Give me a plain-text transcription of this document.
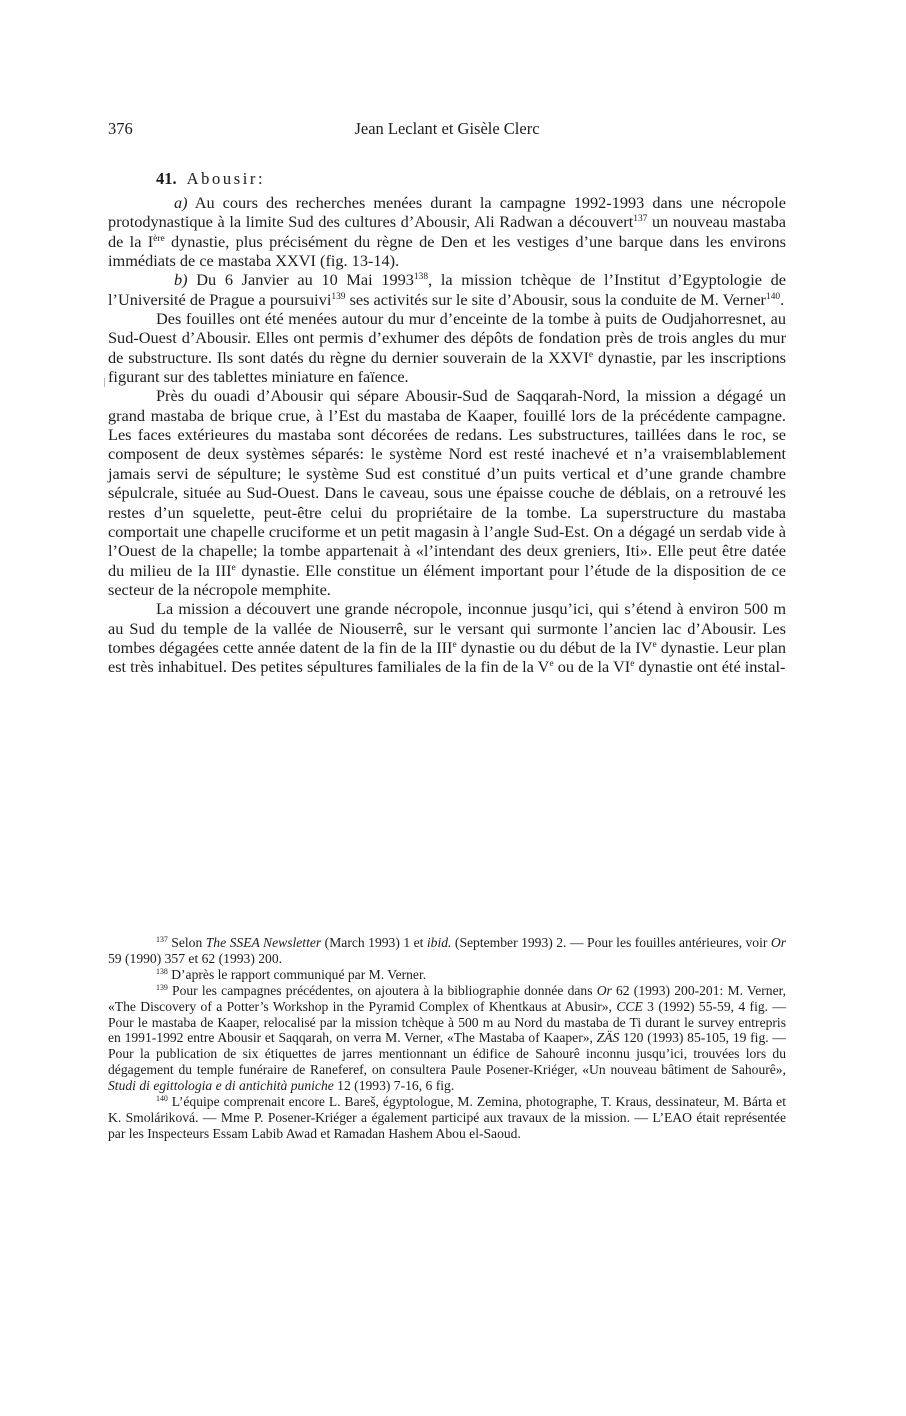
376	Jean Leclant et Gisèle Clerc
41. Abousir:

a) Au cours des recherches menées durant la campagne 1992-1993 dans une nécropole protodynastique à la limite Sud des cultures d’Abousir, Ali Radwan a découvert$^{137}$ un nouveau mastaba de la Ière dynastie, plus précisément du règne de Den et les vestiges d’une barque dans les environs immédiats de ce mastaba XXVI (fig. 13-14).

b) Du 6 Janvier au 10 Mai 1993$^{138}$, la mission tchèque de l’Institut d’Egyptologie de l’Université de Prague a poursuivi$^{139}$ ses activités sur le site d’Abousir, sous la conduite de M. Verner$^{140}$.

Des fouilles ont été menées autour du mur d’enceinte de la tombe à puits de Oudjahorresnet, au Sud-Ouest d’Abousir. Elles ont permis d’exhumer des dépôts de fondation près de trois angles du mur de substructure. Ils sont datés du règne du dernier souverain de la XXVIe dynastie, par les inscriptions figurant sur des tablettes miniature en faïence.

Près du ouadi d’Abousir qui sépare Abousir-Sud de Saqqarah-Nord, la mission a dégagé un grand mastaba de brique crue, à l’Est du mastaba de Kaaper, fouillé lors de la précédente campagne. Les faces extérieures du mastaba sont décorées de redans. Les substructures, taillées dans le roc, se composent de deux systèmes séparés: le système Nord est resté inachevé et n’a vraisemblablement jamais servi de sépulture; le système Sud est constitué d’un puits vertical et d’une grande chambre sépulcrale, située au Sud-Ouest. Dans le caveau, sous une épaisse couche de déblais, on a retrouvé les restes d’un squelette, peut-être celui du propriétaire de la tombe. La superstructure du mastaba comportait une chapelle cruciforme et un petit magasin à l’angle Sud-Est. On a dégagé un serdab vide à l’Ouest de la chapelle; la tombe appartenait à «l’intendant des deux greniers, Iti». Elle peut être datée du milieu de la IIIe dynastie. Elle constitue un élément important pour l’étude de la disposition de ce secteur de la nécropole memphite.

La mission a découvert une grande nécropole, inconnue jusqu’ici, qui s’étend à environ 500 m au Sud du temple de la vallée de Niouserrê, sur le versant qui surmonte l’ancien lac d’Abousir. Les tombes dégagées cette année datent de la fin de la IIIe dynastie ou du début de la IVe dynastie. Leur plan est très inhabituel. Des petites sépultures familiales de la fin de la Ve ou de la VIe dynastie ont été instal-

$^{137}$ Selon The SSEA Newsletter (March 1993) 1 et ibid. (September 1993) 2. — Pour les fouilles antérieures, voir Or 59 (1990) 357 et 62 (1993) 200.

$^{138}$ D’après le rapport communiqué par M. Verner.

$^{139}$ Pour les campagnes précédentes, on ajoutera à la bibliographie donnée dans Or 62 (1993) 200-201: M. Verner, «The Discovery of a Potter’s Workshop in the Pyramid Complex of Khentkaus at Abusir», CCE 3 (1992) 55-59, 4 fig. — Pour le mastaba de Kaaper, relocalisé par la mission tchèque à 500 m au Nord du mastaba de Ti durant le survey entrepris en 1991-1992 entre Abousir et Saqqarah, on verra M. Verner, «The Mastaba of Kaaper», ZÄS 120 (1993) 85-105, 19 fig. — Pour la publication de six étiquettes de jarres mentionnant un édifice de Sahourê inconnu jusqu’ici, trouvées lors du dégagement du temple funéraire de Raneferef, on consultera Paule Posener-Kriéger, «Un nouveau bâtiment de Sahourê», Studi di egittologia e di antichità puniche 12 (1993) 7-16, 6 fig.

$^{140}$ L’équipe comprenait encore L. Bareš, égyptologue, M. Zemina, photographe, T. Kraus, dessinateur, M. Bárta et K. Smoláriková. — Mme P. Posener-Kriéger a également participé aux travaux de la mission. — L’EAO était représentée par les Inspecteurs Essam Labib Awad et Ramadan Hashem Abou el-Saoud.
